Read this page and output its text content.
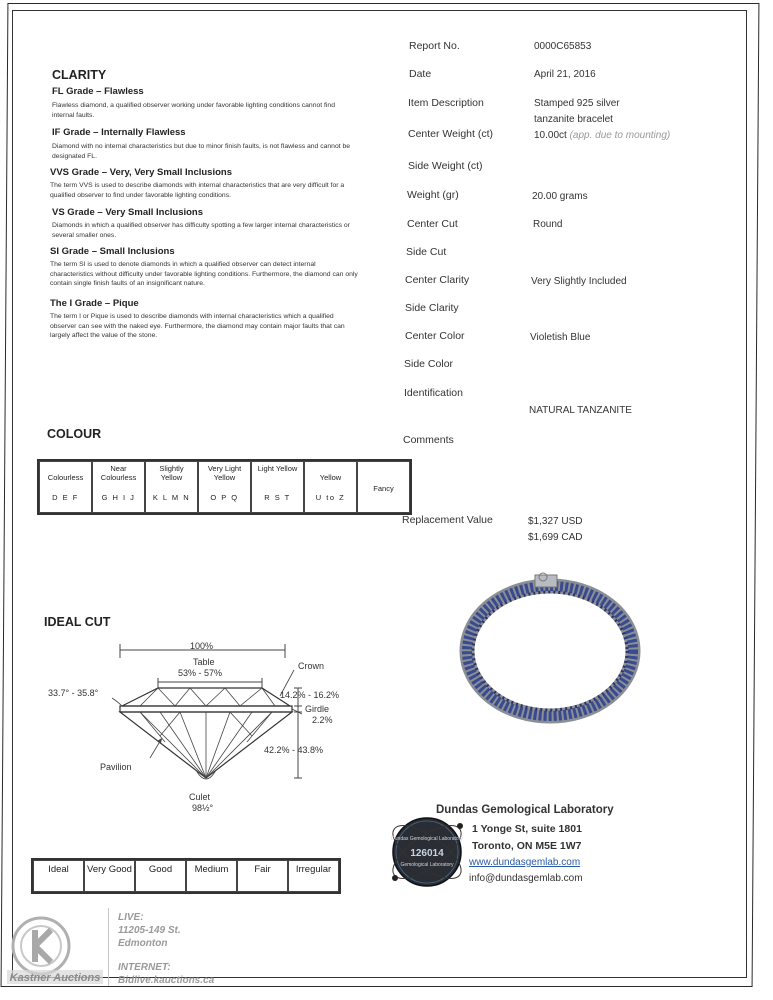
CLARITY
FL Grade – Flawless
Flawless diamond, a qualified observer working under favorable lighting conditions cannot find internal faults.
IF Grade – Internally Flawless
Diamond with no internal characteristics but due to minor finish faults, is not flawless and cannot be designated FL.
VVS Grade – Very, Very Small Inclusions
The term VVS is used to describe diamonds with internal characteristics that are very difficult for a qualified observer to find under favorable lighting conditions.
VS Grade – Very Small Inclusions
Diamonds in which a qualified observer has difficulty spotting a few larger internal characteristics or several smaller ones.
SI Grade – Small Inclusions
The term SI is used to denote diamonds in which a qualified observer can detect internal characteristics without difficulty under favorable lighting conditions. Furthermore, the diamond can only contain single finish faults of an insignificant nature.
The I Grade – Pique
The term I or Pique is used to describe diamonds with internal characteristics which a qualified observer can see with the naked eye. Furthermore, the diamond may contain major faults that can largely affect the value of the stone.
COLOUR
Colourless
D E F

Near Colourless
G H I J

Slightly Yellow
K L M N

Very Light Yellow
O P Q

Light Yellow
R S T

Yellow
U to Z
	Fancy
IDEAL CUT
100%
Table
53% - 57%
Crown
33.7° - 35.8°	14.2% - 16.2%
Girdle
2.2%
42.2% - 43.8%
Pavilion
Culet
98½°
Ideal	Very Good	Good	Medium	Fair	Irregular
Report No.	0000C65853
Date	April 21, 2016
Item Description	Stamped 925 silver
tanzanite bracelet
Center Weight (ct)	10.00ct (app. due to mounting)
Side Weight (ct)
Weight (gr)	20.00 grams
Center Cut	Round
Side Cut
Center Clarity	Very Slightly Included
Side Clarity
Center Color	Violetish Blue
Side Color
Identification
NATURAL TANZANITE
Comments
Replacement Value	$1,327 USD
$1,699 CAD
Dundas Gemological Laboratory
126014
Gemological Laboratory
Dundas Gemological Laboratory
1 Yonge St, suite 1801
Toronto, ON M5E 1W7
www.dundasgemlab.com
info@dundasgemlab.com
Kastner Auctions
LIVE:
11205-149 St.
Edmonton
INTERNET:
Bidlive.kauctions.ca
